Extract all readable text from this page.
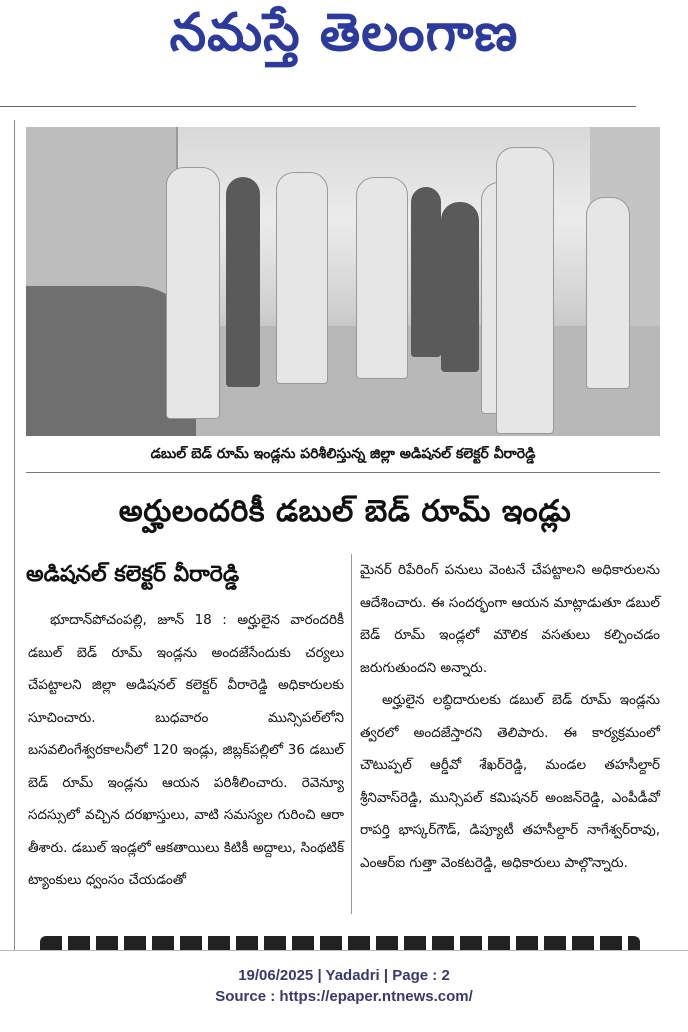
నమస్తే తెలంగాణ
డబుల్ బెడ్ రూమ్ ఇండ్లను పరిశీలిస్తున్న జిల్లా అడిషనల్ కలెక్టర్ వీరారెడ్డి
అర్హులందరికీ డబుల్ బెడ్ రూమ్ ఇండ్లు
అడిషనల్ కలెక్టర్ వీరారెడ్డి

భూదాన్‌పోచంపల్లి, జూన్ 18 : అర్హులైన వారందరికీ డబుల్ బెడ్ రూమ్ ఇండ్లను అందజేసేందుకు చర్యలు చేపట్టాలని జిల్లా అడిషనల్ కలెక్టర్ వీరారెడ్డి అధికారులకు సూచించారు. బుధవారం మున్సిపల్‌లోని బసవలింగేశ్వరకాలనీలో 120 ఇండ్లు, జిబ్లక్‌పల్లిలో 36 డబుల్ బెడ్ రూమ్ ఇండ్లను ఆయన పరిశీలించారు. రెవెన్యూ సదస్సులో వచ్చిన దరఖాస్తులు, వాటి సమస్యల గురించి ఆరా తీశారు. డబుల్ ఇండ్లలో ఆకతాయిలు కిటికీ అద్దాలు, సింథటిక్ ట్యాంకులు ధ్వంసం చేయడంతో

మైనర్ రిపేరింగ్ పనులు వెంటనే చేపట్టాలని అధికారులను ఆదేశించారు. ఈ సందర్భంగా ఆయన మాట్లాడుతూ డబుల్ బెడ్ రూమ్ ఇండ్లలో మౌలిక వసతులు కల్పించడం జరుగుతుందని అన్నారు.

అర్హులైన లబ్ధిదారులకు డబుల్ బెడ్ రూమ్ ఇండ్లను త్వరలో అందజేస్తారని తెలిపారు. ఈ కార్యక్రమంలో చౌటుప్పల్ ఆర్డీవో శేఖర్‌రెడ్డి, మండల తహసీల్దార్ శ్రీనివాస్‌రెడ్డి, మున్సిపల్ కమిషనర్ అంజన్‌రెడ్డి, ఎంపీడీవో రాపర్తి భాస్కర్‌గౌడ్, డిప్యూటీ తహసీల్దార్ నాగేశ్వర్‌రావు, ఎంఆర్ఐ గుత్తా వెంకటరెడ్డి, అధికారులు పాల్గొన్నారు.

19/06/2025 | Yadadri | Page : 2
Source : https://epaper.ntnews.com/
